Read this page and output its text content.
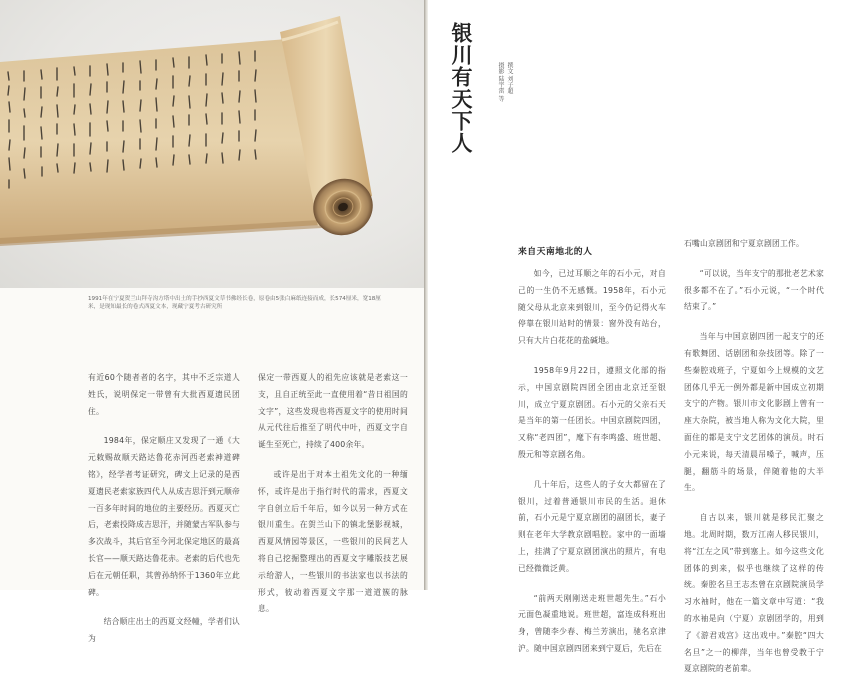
1991年在宁夏贺兰山拜寺沟方塔中出土的手抄西夏文草书佛经长卷，原卷由5张白麻纸连接而成，长574厘米，宽18厘米，是现知最长的卷式西夏文本，现藏宁夏考古研究所

有近60个随者者的名字，其中不乏宗道人姓氏，说明保定一带曾有大批西夏遗民团住。

1984年，保定顺庄又发现了一通《大元敕赐故顺天路达鲁花赤河西老索神道碑铭》，经学者考证研究，碑文上记录的是西夏遗民老索家族四代人从成吉思汗到元顺帝一百多年时间的地位的主要经历。西夏灭亡后，老索投降成吉思汗，并随蒙古军队参与多次战斗，其后官至今河北保定地区的最高长官——顺天路达鲁花赤。老索的后代也先后在元朝任职，其曾孙纳怀于1360年立此碑。

结合顺庄出土的西夏文经幢，学者们认为

保定一带西夏人的祖先应该就是老索这一支，且自正统至此一直使用着“昔日祖国的文字”，这些发现也将西夏文字的使用时间从元代往后推至了明代中叶，西夏文字自诞生至死亡，持续了400余年。

或许是出于对本土祖先文化的一种缅怀，或许是出于指行时代的需求，西夏文字自创立后千年后，如今以另一种方式在银川重生。在贺兰山下的镇北堡影视城，西夏风情园等景区，一些银川的民间艺人将自己挖掘整理出的西夏文字雕版技艺展示给游人，一些银川的书法家也以书法的形式，彼动着西夏文字那一道道簇的脉息。

银川有天下人	撰文 刘子超
摄影 陆宇雷 等
来自天南地北的人

如今，已过耳顺之年的石小元，对自己的一生仍不无感慨。1958年，石小元随父母从北京来到银川，至今仍记得火车停靠在银川站时的情景：窗外没有站台，只有大片白花花的盐碱地。

1958年9月22日，遵照文化部的指示，中国京剧院四团全团由北京迁至银川，成立宁夏京剧团。石小元的父亲石天是当年的第一任团长。中国京剧院四团，又称“老四团”，麾下有李鸣盛、班世超、殷元和等京剧名角。

几十年后，这些人的子女大都留在了银川，过着普通银川市民的生活。退休前，石小元是宁夏京剧团的副团长，妻子则在老年大学教京剧唱腔。家中的一面墙上，挂满了宁夏京剧团演出的照片，有电已经微微泛黄。

“前两天刚刚送走班世超先生。”石小元面色凝重地说。班世超，富连成科班出身，曾随李少春、梅兰芳演出，驰名京津沪。随中国京剧四团来到宁夏后，先后在

石嘴山京剧团和宁夏京剧团工作。

“可以说，当年支宁的那批老艺术家很多都不在了。”石小元说，“一个时代结束了。”

当年与中国京剧四团一起支宁的还有歌舞团、话剧团和杂技团等。除了一些秦腔戏班子，宁夏如今上规模的文艺团体几乎无一例外都是新中国成立初期支宁的产物。银川市文化影剧上曾有一座大杂院，被当地人称为文化大院，里面住的都是支宁文艺团体的演员。时石小元来说，每天清晨吊嗓子，喊声，压腿，翻筋斗的场景，伴随着他的大半生。

自古以来，银川就是移民汇聚之地。北周时期，数万江南人移民银川，将“江左之风”带到塞上。如今这些文化团体的到来，似乎也继续了这样的传统。秦腔名旦王志杰曾在京剧院演员学习水袖时，他在一篇文章中写道：“我的水袖是向（宁夏）京剧团学的，用到了《游君戏宫》这出戏中。”秦腔“四大名旦”之一的柳萍，当年也曾受教于宁夏京剧院的老前辈。
